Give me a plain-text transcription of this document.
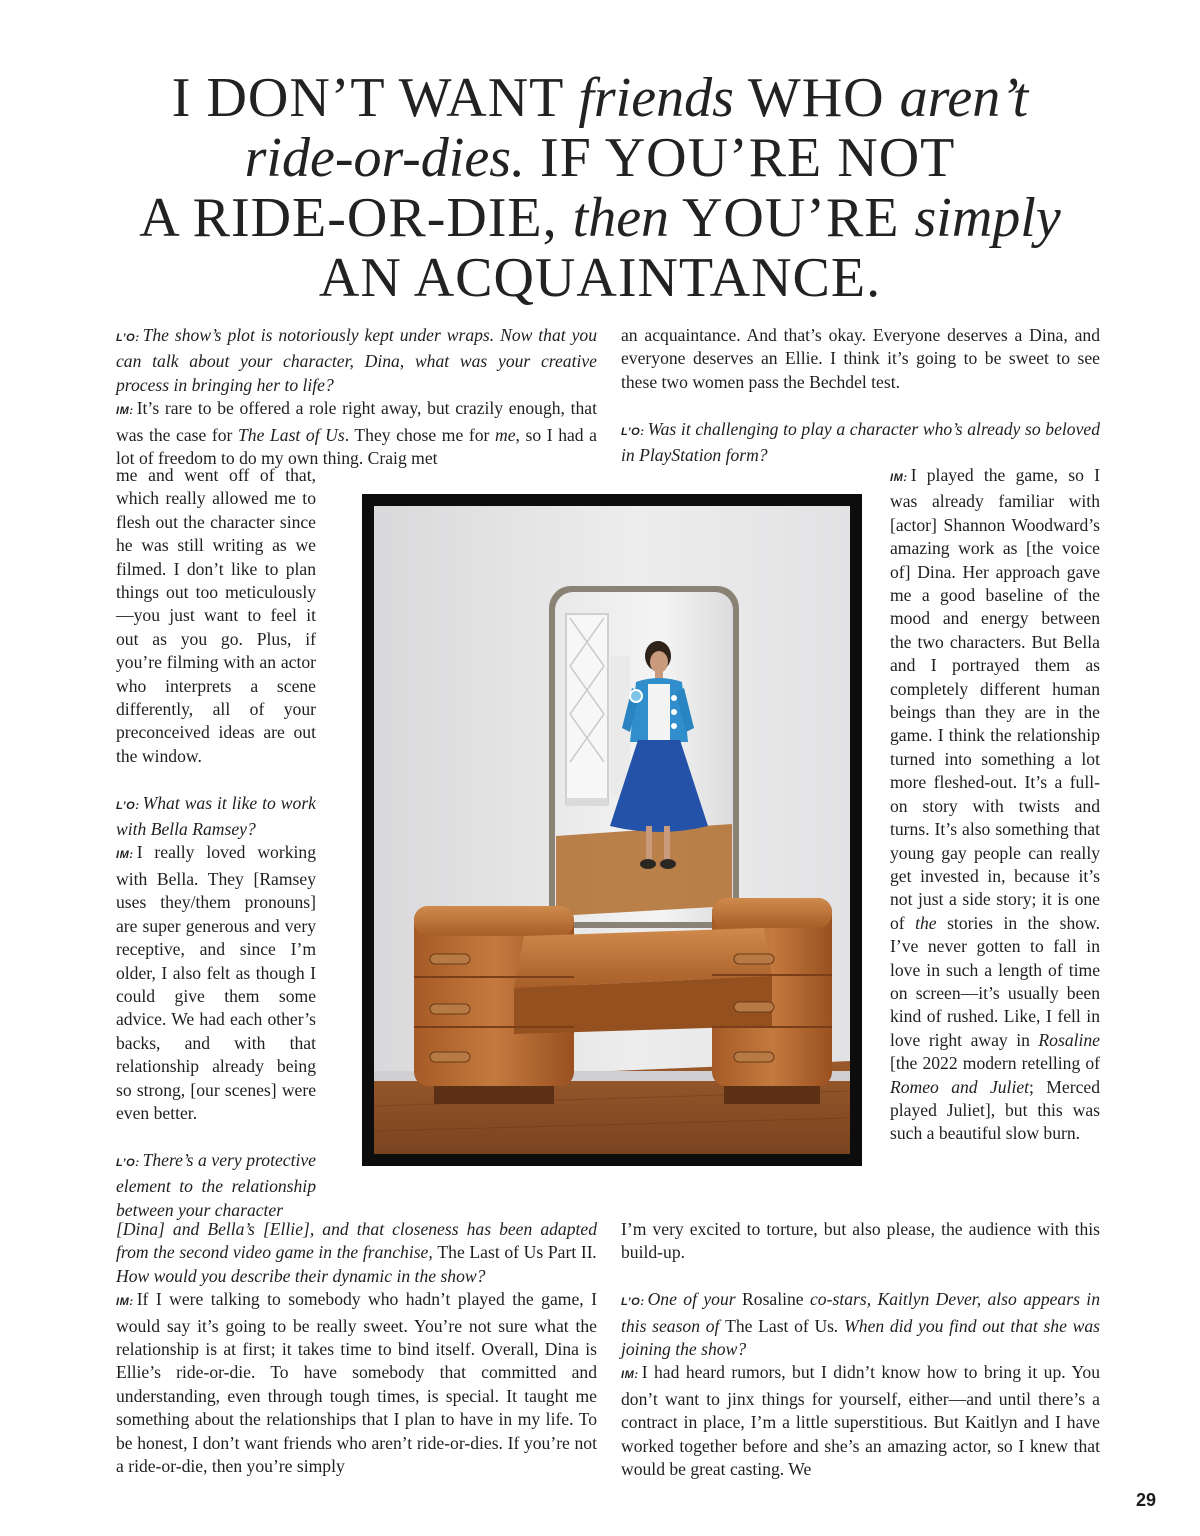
I DON’T WANT friends WHO aren’t
ride-or-dies. IF YOU’RE NOT
A RIDE-OR-DIE, then YOU’RE simply
AN ACQUAINTANCE.
L’O: The show’s plot is notoriously kept under wraps. Now that you can talk about your character, Dina, what was your creative process in bringing her to life?
IM: It’s rare to be offered a role right away, but crazily enough, that was the case for The Last of Us. They chose me for me, so I had a lot of freedom to do my own thing. Craig met
me and went off of that, which really allowed me to flesh out the character since he was still writing as we filmed. I don’t like to plan things out too meticulously—you just want to feel it out as you go. Plus, if you’re filming with an actor who interprets a scene differently, all of your preconceived ideas are out the window.
L’O: What was it like to work with Bella Ramsey?
IM: I really loved working with Bella. They [Ramsey uses they/them pronouns] are super generous and very receptive, and since I’m older, I also felt as though I could give them some advice. We had each other’s backs, and with that relationship already being so strong, [our scenes] were even better.
L’O: There’s a very protective element to the relationship between your character
[Dina] and Bella’s [Ellie], and that closeness has been adapted from the second video game in the franchise, The Last of Us Part II. How would you describe their dynamic in the show?
IM: If I were talking to somebody who hadn’t played the game, I would say it’s going to be really sweet. You’re not sure what the relationship is at first; it takes time to bind itself. Overall, Dina is Ellie’s ride-or-die. To have somebody that committed and understanding, even through tough times, is special. It taught me something about the relationships that I plan to have in my life. To be honest, I don’t want friends who aren’t ride-or-dies. If you’re not a ride-or-die, then you’re simply
an acquaintance. And that’s okay. Everyone deserves a Dina, and everyone deserves an Ellie. I think it’s going to be sweet to see these two women pass the Bechdel test.
L’O: Was it challenging to play a character who’s already so beloved in PlayStation form?
IM: I played the game, so I was already familiar with [actor] Shannon Woodward’s amazing work as [the voice of] Dina. Her approach gave me a good baseline of the mood and energy between the two characters. But Bella and I portrayed them as completely different human beings than they are in the game. I think the relationship turned into something a lot more fleshed-out. It’s a full-on story with twists and turns. It’s also something that young gay people can really get invested in, because it’s not just a side story; it is one of the stories in the show. I’ve never gotten to fall in love in such a length of time on screen—it’s usually been kind of rushed. Like, I fell in love right away in Rosaline [the 2022 modern retelling of Romeo and Juliet; Merced played Juliet], but this was such a beautiful slow burn.
I’m very excited to torture, but also please, the audience with this build-up.
L’O: One of your Rosaline co-stars, Kaitlyn Dever, also appears in this season of The Last of Us. When did you find out that she was joining the show?
IM: I had heard rumors, but I didn’t know how to bring it up. You don’t want to jinx things for yourself, either—and until there’s a contract in place, I’m a little superstitious. But Kaitlyn and I have worked together before and she’s an amazing actor, so I knew that would be great casting. We
29
